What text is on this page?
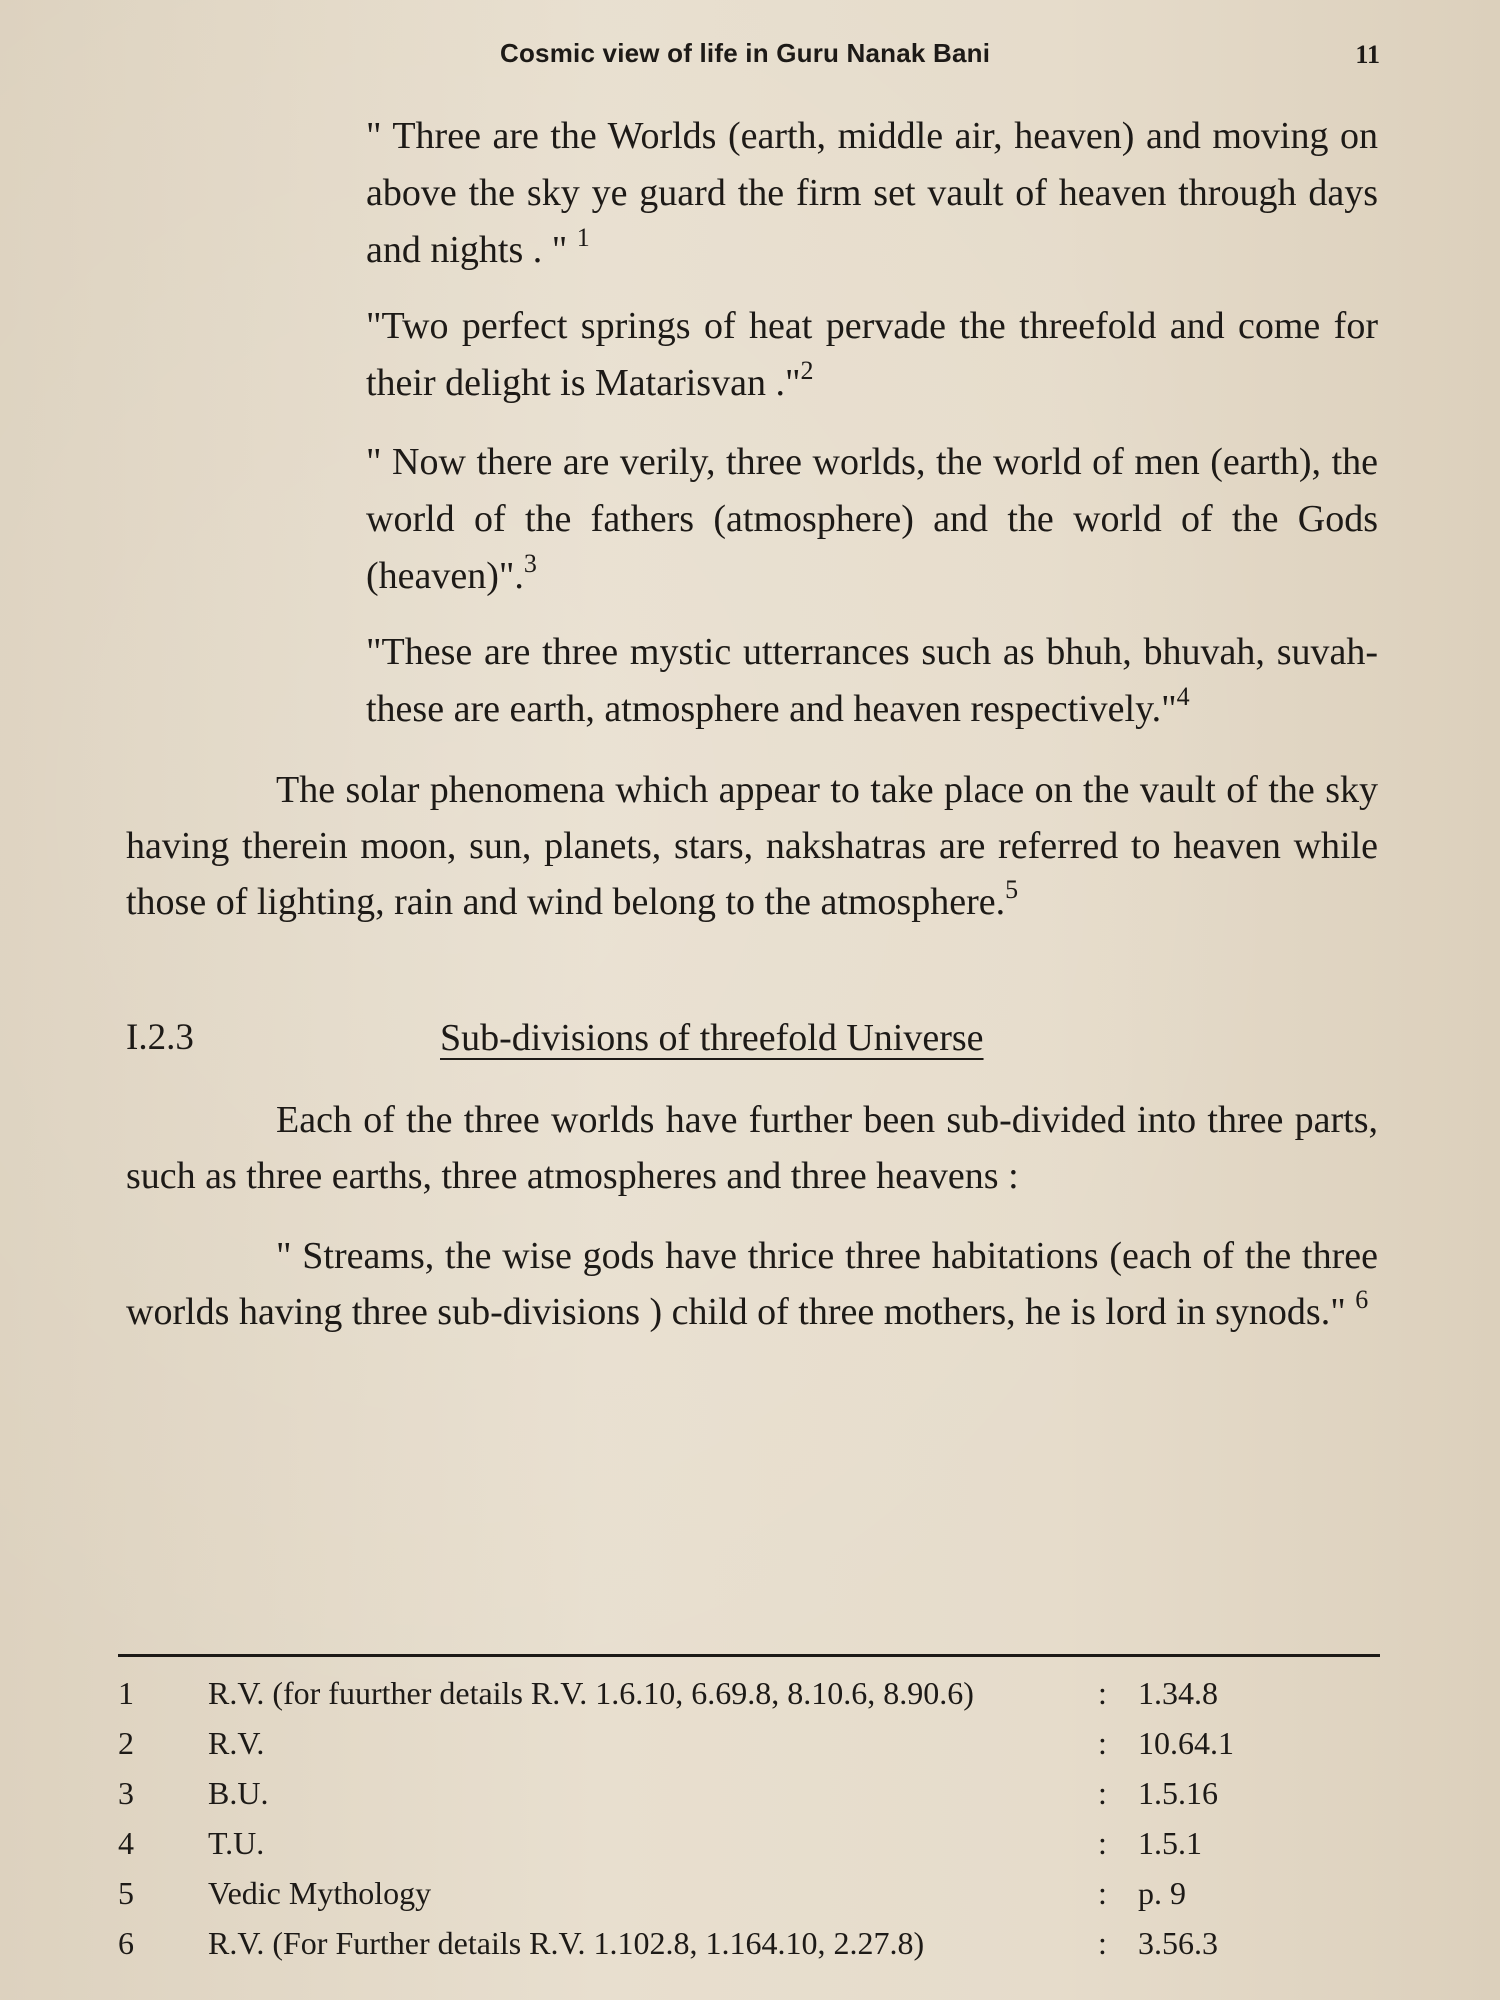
Cosmic view of life in Guru Nanak Bani	11
" Three are the Worlds (earth, middle air, heaven) and moving on above the sky ye guard the firm set vault of heaven through days and nights . " $^1$
"Two perfect springs of heat pervade the threefold and come for their delight is Matarisvan ."$^2$
" Now there are verily, three worlds, the world of men (earth), the world of the fathers (atmosphere) and the world of the Gods (heaven)".$^3$
"These are three mystic utterrances such as bhuh, bhuvah, suvah-these are earth, atmosphere and heaven respectively."$^4$
The solar phenomena which appear to take place on the vault of the sky having therein moon, sun, planets, stars, nakshatras are referred to heaven while those of lighting, rain and wind belong to the atmosphere.$^5$
I.2.3	Sub-divisions of threefold Universe
Each of the three worlds have further been sub-divided into three parts, such as three earths, three atmospheres and three heavens :
" Streams, the wise gods have thrice three habitations (each of the three worlds having three sub-divisions ) child of three mothers, he is lord in synods." $^6$
1	R.V. (for fuurther details R.V. 1.6.10, 6.69.8, 8.10.6, 8.90.6)	: 1.34.8
2	R.V.	: 10.64.1
3	B.U.	: 1.5.16
4	T.U.	: 1.5.1
5	Vedic Mythology	: p. 9
6	R.V. (For Further details R.V. 1.102.8, 1.164.10, 2.27.8)	: 3.56.3
